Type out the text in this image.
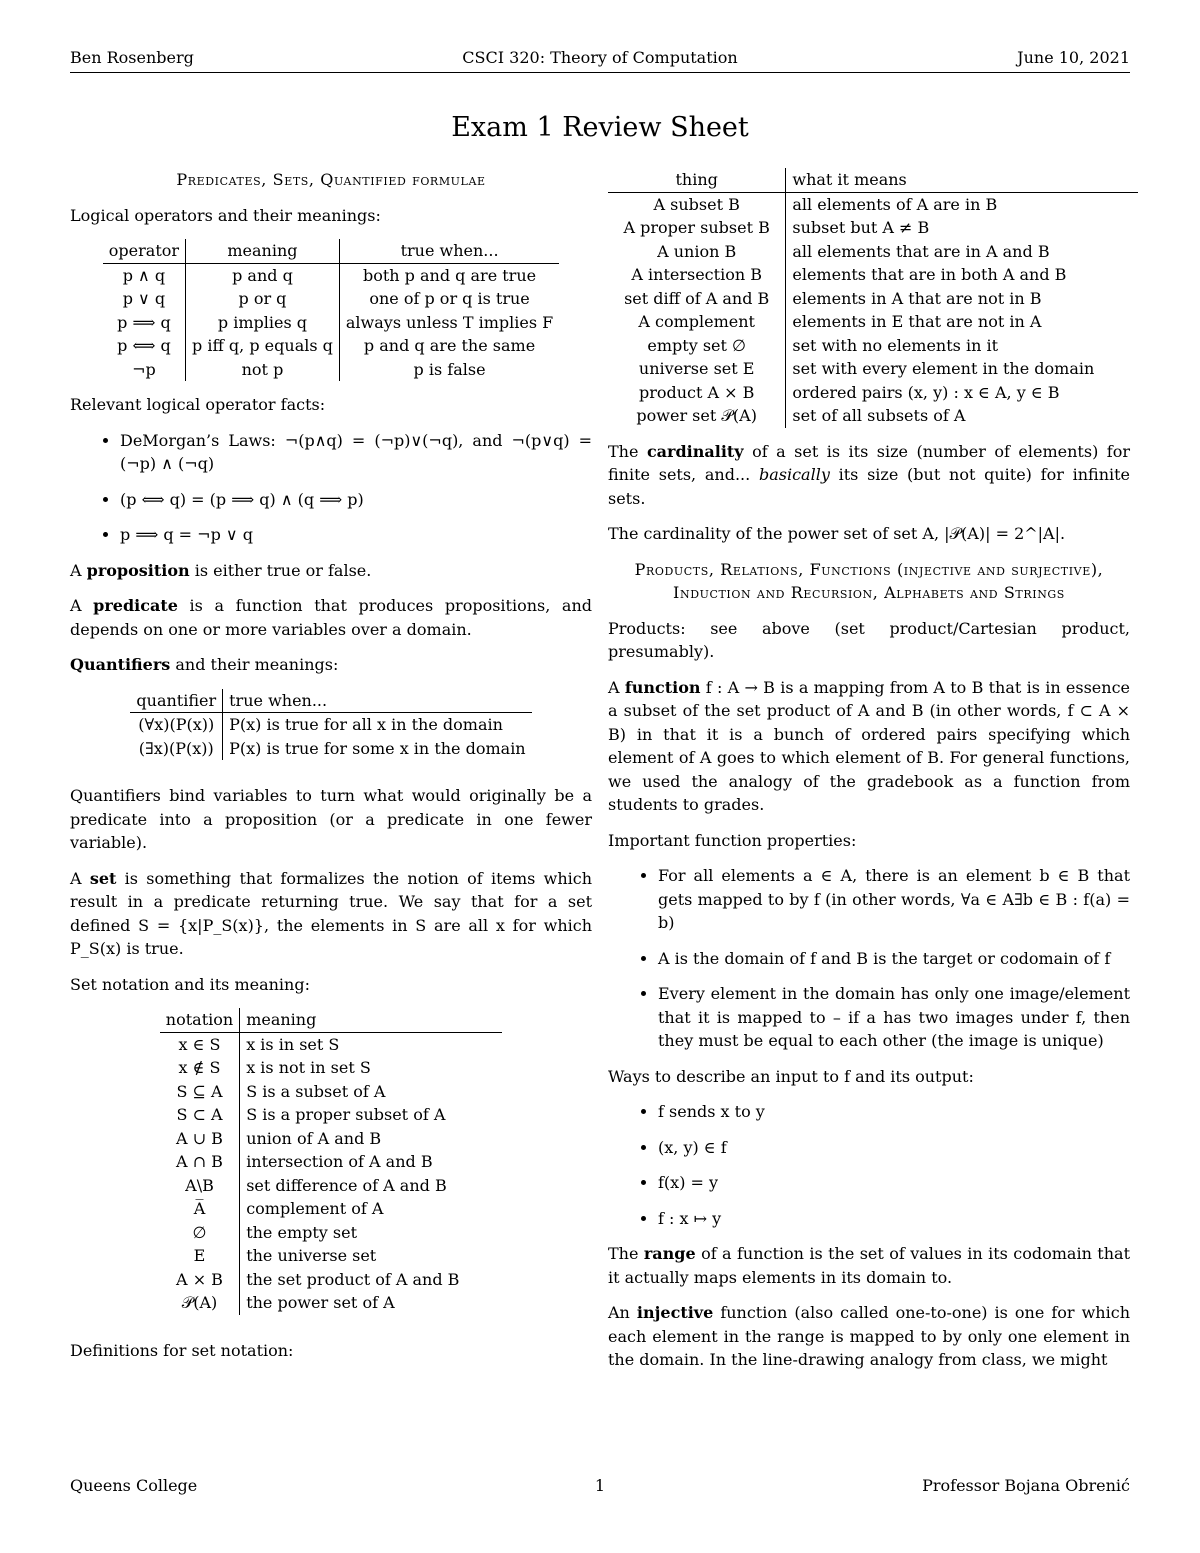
Ben Rosenberg	CSCI 320: Theory of Computation	June 10, 2021
Exam 1 Review Sheet
Predicates, Sets, Quantified formulae

Logical operators and their meanings:

operator	meaning	true when...
p ∧ q	p and q	both p and q are true
p ∨ q	p or q	one of p or q is true
p ⟹ q	p implies q	always unless T implies F
p ⟺ q	p iff q, p equals q	p and q are the same
¬p	not p	p is false

Relevant logical operator facts:

• DeMorgan’s Laws: ¬(p∧q) = (¬p)∨(¬q), and ¬(p∨q) = (¬p) ∧ (¬q)
• (p ⟺ q) = (p ⟹ q) ∧ (q ⟹ p)
• p ⟹ q = ¬p ∨ q

A proposition is either true or false.

A predicate is a function that produces propositions, and depends on one or more variables over a domain.

Quantifiers and their meanings:

quantifier	true when...
(∀x)(P(x))	P(x) is true for all x in the domain
(∃x)(P(x))	P(x) is true for some x in the domain

Quantifiers bind variables to turn what would originally be a predicate into a proposition (or a predicate in one fewer variable).

A set is something that formalizes the notion of items which result in a predicate returning true. We say that for a set defined S = {x|P_S(x)}, the elements in S are all x for which P_S(x) is true.

Set notation and its meaning:

notation	meaning
x ∈ S	x is in set S
x ∉ S	x is not in set S
S ⊆ A	S is a subset of A
S ⊂ A	S is a proper subset of A
A ∪ B	union of A and B
A ∩ B	intersection of A and B
A\B	set difference of A and B
A̅	complement of A
∅	the empty set
E	the universe set
A × B	the set product of A and B
𝒫(A)	the power set of A

Definitions for set notation:

thing	what it means
A subset B	all elements of A are in B
A proper subset B	subset but A ≠ B
A union B	all elements that are in A and B
A intersection B	elements that are in both A and B
set diff of A and B	elements in A that are not in B
A complement	elements in E that are not in A
empty set ∅	set with no elements in it
universe set E	set with every element in the domain
product A × B	ordered pairs (x, y) : x ∈ A, y ∈ B
power set 𝒫(A)	set of all subsets of A

The cardinality of a set is its size (number of elements) for finite sets, and... basically its size (but not quite) for infinite sets.

The cardinality of the power set of set A, |𝒫(A)| = 2^|A|.

Products, Relations, Functions (injective and surjective), Induction and Recursion, Alphabets and Strings

Products: see above (set product/Cartesian product, presumably).

A function f : A → B is a mapping from A to B that is in essence a subset of the set product of A and B (in other words, f ⊂ A × B) in that it is a bunch of ordered pairs specifying which element of A goes to which element of B. For general functions, we used the analogy of the gradebook as a function from students to grades.

Important function properties:

• For all elements a ∈ A, there is an element b ∈ B that gets mapped to by f (in other words, ∀a ∈ A∃b ∈ B : f(a) = b)
• A is the domain of f and B is the target or codomain of f
• Every element in the domain has only one image/element that it is mapped to – if a has two images under f, then they must be equal to each other (the image is unique)

Ways to describe an input to f and its output:

• f sends x to y
• (x, y) ∈ f
• f(x) = y
• f : x ↦ y

The range of a function is the set of values in its codomain that it actually maps elements in its domain to.

An injective function (also called one-to-one) is one for which each element in the range is mapped to by only one element in the domain. In the line-drawing analogy from class, we might

Queens College	1	Professor Bojana Obrenić
